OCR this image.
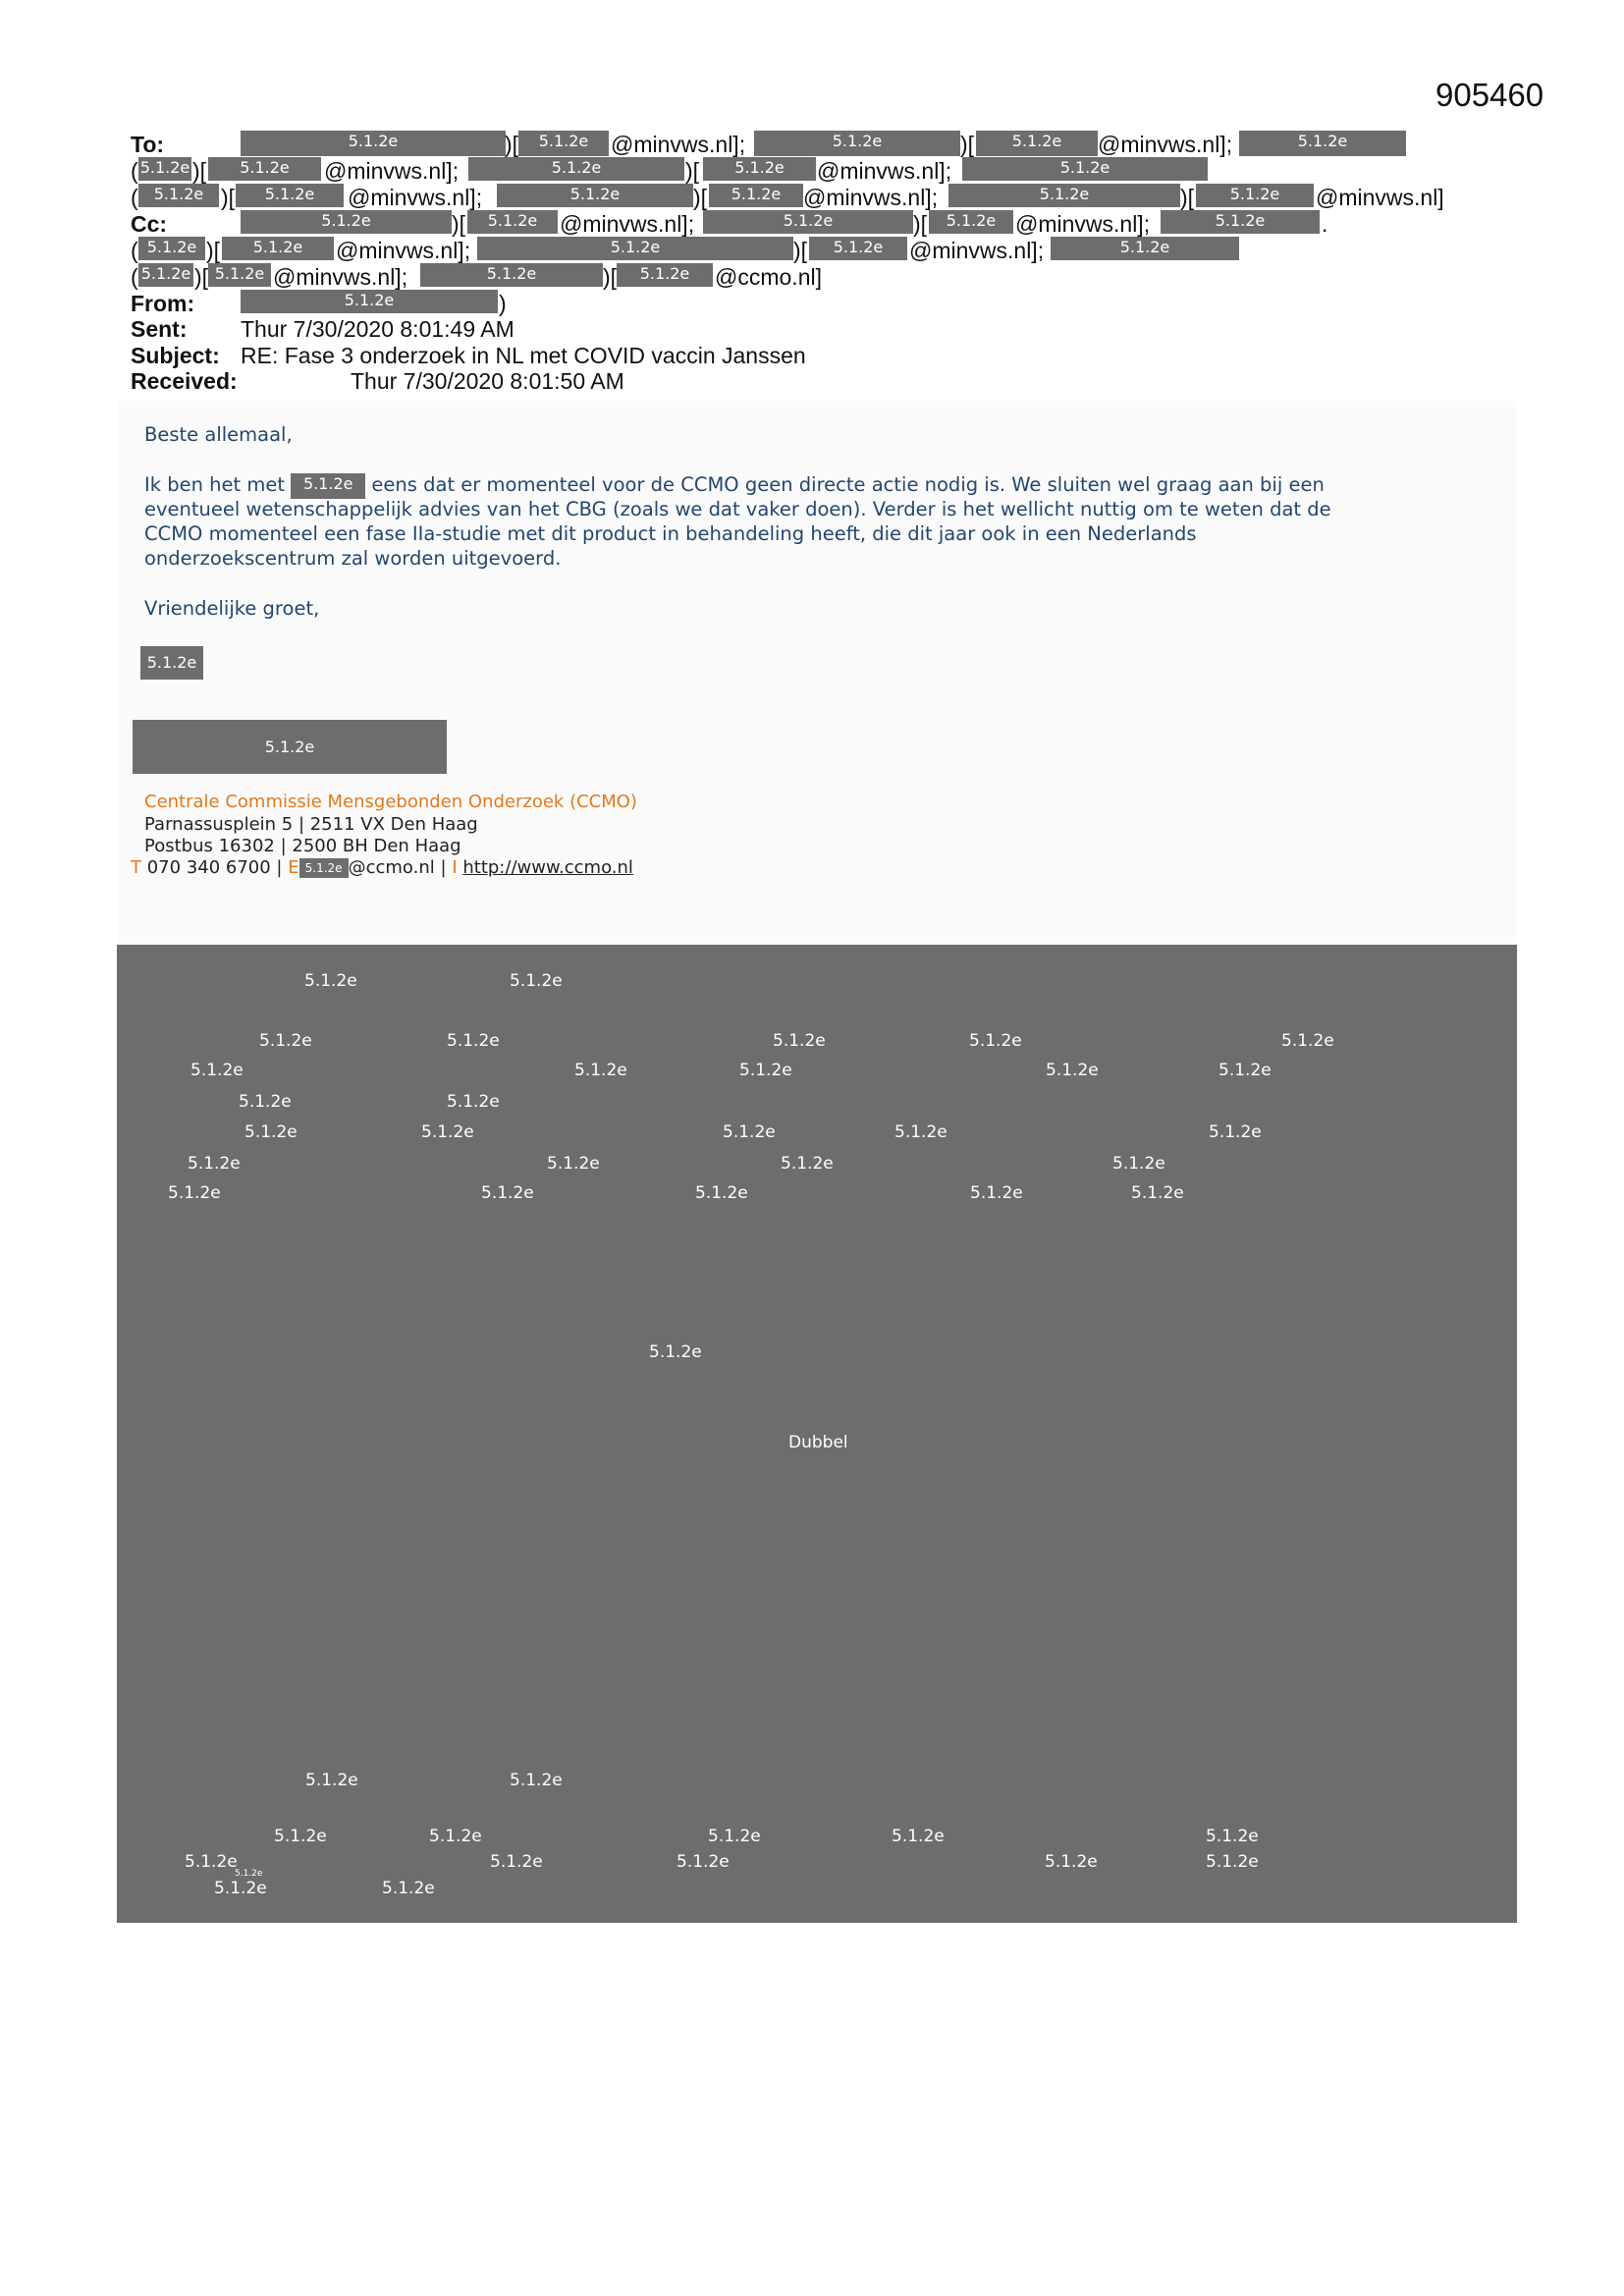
905460
To:	5.1.2e	)[	5.1.2e @minvws.nl];	5.1.2e	)[	5.1.2e	@minvws.nl];	5.1.2e
( 5.1.2e )[	5.1.2e	@minvws.nl];	5.1.2e	)[	5.1.2e	@minvws.nl];	5.1.2e
(	5.1.2e )[	5.1.2e	@minvws.nl];	5.1.2e	)[	5.1.2e @minvws.nl];	5.1.2e	)[	5.1.2e	@minvws.nl]
Cc:	5.1.2e	)[	5.1.2e @minvws.nl];	5.1.2e	)[	5.1.2e @minvws.nl];	5.1.2e	.
( 5.1.2e )[	5.1.2e	@minvws.nl];	5.1.2e	)[	5.1.2e	@minvws.nl];	5.1.2e
( 5.1.2e )[ 5.1.2e @minvws.nl];	5.1.2e	)[	5.1.2e	@ccmo.nl]
From:	5.1.2e	)
Sent: Thur 7/30/2020 8:01:49 AM
Subject: RE: Fase 3 onderzoek in NL met COVID vaccin Janssen
Received:	Thur 7/30/2020 8:01:50 AM
Beste allemaal,
Ik ben het met 5.1.2e eens dat er momenteel voor de CCMO geen directe actie nodig is. We sluiten wel graag aan bij een
eventueel wetenschappelijk advies van het CBG (zoals we dat vaker doen). Verder is het wellicht nuttig om te weten dat de
CCMO momenteel een fase IIa-studie met dit product in behandeling heeft, die dit jaar ook in een Nederlands
onderzoekscentrum zal worden uitgevoerd.
Vriendelijke groet,
5.1.2e
5.1.2e
Centrale Commissie Mensgebonden Onderzoek (CCMO)
Parnassusplein 5 | 2511 VX Den Haag
Postbus 16302 | 2500 BH Den Haag
T 070 340 6700 | E 5.1.2e @ccmo.nl | I http://www.ccmo.nl
5.1.2e	5.1.2e
5.1.2e	5.1.2e	5.1.2e	5.1.2e	5.1.2e
5.1.2e	5.1.2e	5.1.2e	5.1.2e	5.1.2e
5.1.2e	5.1.2e
5.1.2e	5.1.2e	5.1.2e	5.1.2e	5.1.2e
5.1.2e	5.1.2e	5.1.2e	5.1.2e
5.1.2e	5.1.2e	5.1.2e	5.1.2e	5.1.2e
5.1.2e
Dubbel
5.1.2e	5.1.2e
5.1.2e	5.1.2e	5.1.2e	5.1.2e	5.1.2e
5.1.2e
5.1.2e
5.1.2e	5.1.2e	5.1.2e	5.1.2e
5.1.2e	5.1.2e
